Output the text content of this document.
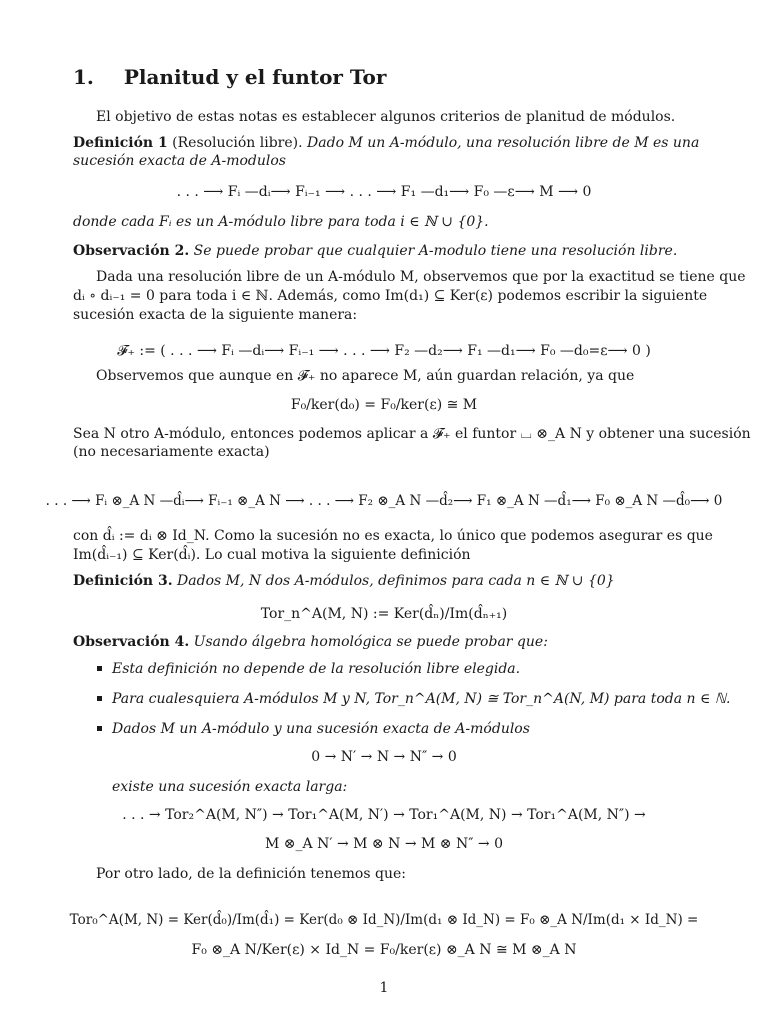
1. Planitud y el funtor Tor
El objetivo de estas notas es establecer algunos criterios de planitud de módulos.
Definición 1 (Resolución libre). Dado M un A-módulo, una resolución libre de M es una
sucesión exacta de A-modulos
. . . ⟶ Fᵢ —dᵢ⟶ Fᵢ₋₁ ⟶ . . . ⟶ F₁ —d₁⟶ F₀ —ε⟶ M ⟶ 0
donde cada Fᵢ es un A-módulo libre para toda i ∈ ℕ ∪ {0}.
Observación 2. Se puede probar que cualquier A-modulo tiene una resolución libre.
Dada una resolución libre de un A-módulo M, observemos que por la exactitud se tiene que
dᵢ ∘ dᵢ₋₁ = 0 para toda i ∈ ℕ. Además, como Im(d₁) ⊆ Ker(ε) podemos escribir la siguiente
sucesión exacta de la siguiente manera:
𝓕₊ := ( . . . ⟶ Fᵢ —dᵢ⟶ Fᵢ₋₁ ⟶ . . . ⟶ F₂ —d₂⟶ F₁ —d₁⟶ F₀ —d₀=ε⟶ 0 )
Observemos que aunque en 𝓕₊ no aparece M, aún guardan relación, ya que
F₀/ker(d₀) = F₀/ker(ε) ≅ M
Sea N otro A-módulo, entonces podemos aplicar a 𝓕₊ el funtor ⌴ ⊗_A N y obtener una sucesión
(no necesariamente exacta)
. . . ⟶ Fᵢ ⊗_A N —d̂ᵢ⟶ Fᵢ₋₁ ⊗_A N ⟶ . . . ⟶ F₂ ⊗_A N —d̂₂⟶ F₁ ⊗_A N —d̂₁⟶ F₀ ⊗_A N —d̂₀⟶ 0
con d̂ᵢ := dᵢ ⊗ Id_N. Como la sucesión no es exacta, lo único que podemos asegurar es que
Im(d̂ᵢ₋₁) ⊆ Ker(d̂ᵢ). Lo cual motiva la siguiente definición
Definición 3. Dados M, N dos A-módulos, definimos para cada n ∈ ℕ ∪ {0}
Tor_n^A(M, N) := Ker(d̂ₙ)/Im(d̂ₙ₊₁)
Observación 4. Usando álgebra homológica se puede probar que:
Esta definición no depende de la resolución libre elegida.
Para cualesquiera A-módulos M y N, Tor_n^A(M, N) ≅ Tor_n^A(N, M) para toda n ∈ ℕ.
Dados M un A-módulo y una sucesión exacta de A-módulos
0 → N′ → N → N″ → 0
existe una sucesión exacta larga:
. . . → Tor₂^A(M, N″) → Tor₁^A(M, N′) → Tor₁^A(M, N) → Tor₁^A(M, N″) →
M ⊗_A N′ → M ⊗ N → M ⊗ N″ → 0
Por otro lado, de la definición tenemos que:
Tor₀^A(M, N) = Ker(d̂₀)/Im(d̂₁) = Ker(d₀ ⊗ Id_N)/Im(d₁ ⊗ Id_N) = F₀ ⊗_A N/Im(d₁ × Id_N) =
F₀ ⊗_A N/Ker(ε) × Id_N = F₀/ker(ε) ⊗_A N ≅ M ⊗_A N
1
